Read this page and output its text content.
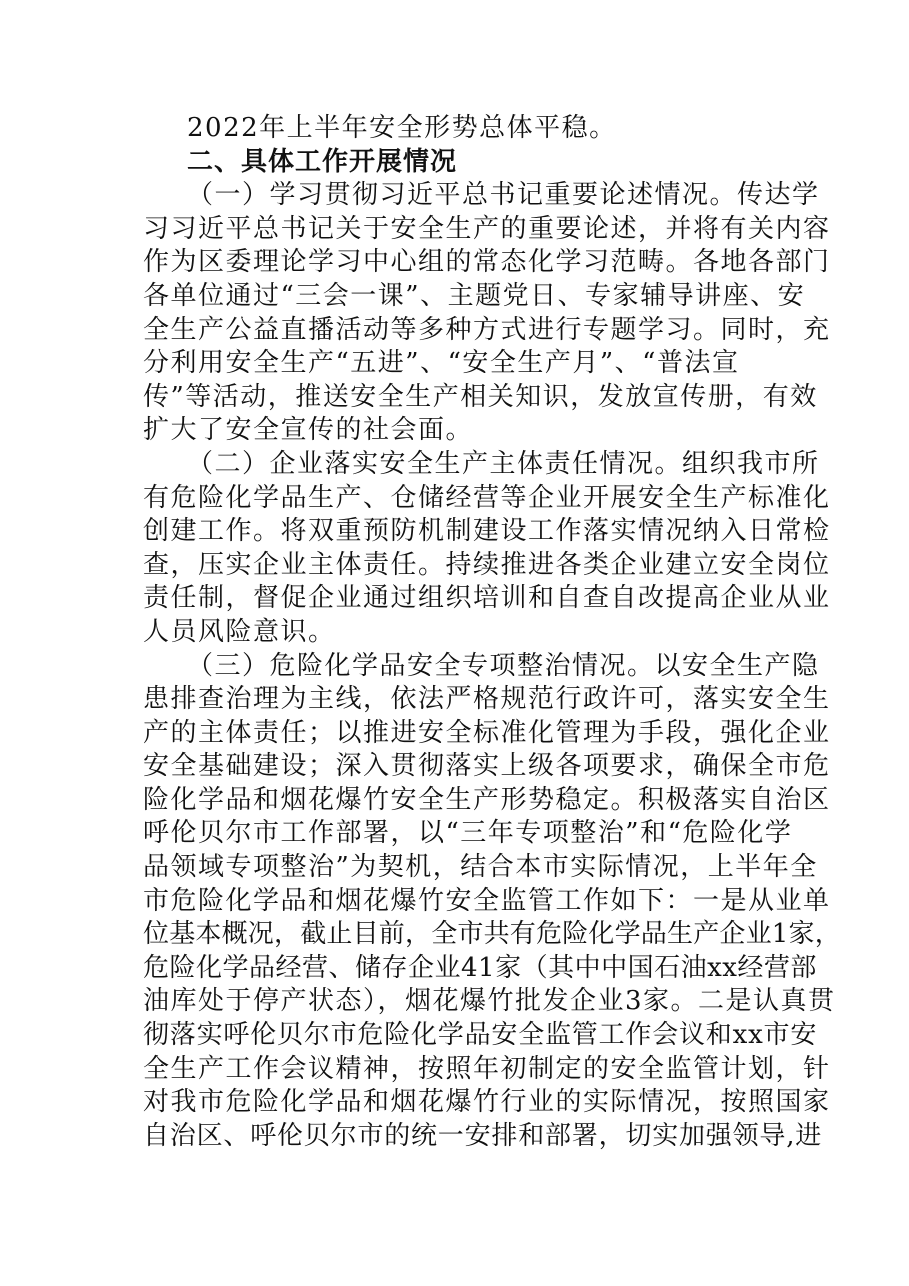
2022年上半年安全形势总体平稳。
二、具体工作开展情况
（一）学习贯彻习近平总书记重要论述情况。传达学
习习近平总书记关于安全生产的重要论述，并将有关内容
作为区委理论学习中心组的常态化学习范畴。各地各部门
各单位通过“三会一课”、主题党日、专家辅导讲座、安
全生产公益直播活动等多种方式进行专题学习。同时，充
分利用安全生产“五进”、“安全生产月”、“普法宣
传”等活动，推送安全生产相关知识，发放宣传册，有效
扩大了安全宣传的社会面。
（二）企业落实安全生产主体责任情况。组织我市所
有危险化学品生产、仓储经营等企业开展安全生产标准化
创建工作。将双重预防机制建设工作落实情况纳入日常检
查，压实企业主体责任。持续推进各类企业建立安全岗位
责任制，督促企业通过组织培训和自查自改提高企业从业
人员风险意识。
（三）危险化学品安全专项整治情况。以安全生产隐
患排查治理为主线，依法严格规范行政许可，落实安全生
产的主体责任；以推进安全标准化管理为手段，强化企业
安全基础建设；深入贯彻落实上级各项要求，确保全市危
险化学品和烟花爆竹安全生产形势稳定。积极落实自治区
呼伦贝尔市工作部署，以“三年专项整治”和“危险化学
品领域专项整治”为契机，结合本市实际情况，上半年全
市危险化学品和烟花爆竹安全监管工作如下：一是从业单
位基本概况，截止目前，全市共有危险化学品生产企业1家，
危险化学品经营、储存企业41家（其中中国石油xx经营部
油库处于停产状态），烟花爆竹批发企业3家。二是认真贯
彻落实呼伦贝尔市危险化学品安全监管工作会议和xx市安
全生产工作会议精神，按照年初制定的安全监管计划，针
对我市危险化学品和烟花爆竹行业的实际情况，按照国家
自治区、呼伦贝尔市的统一安排和部署，切实加强领导,进
